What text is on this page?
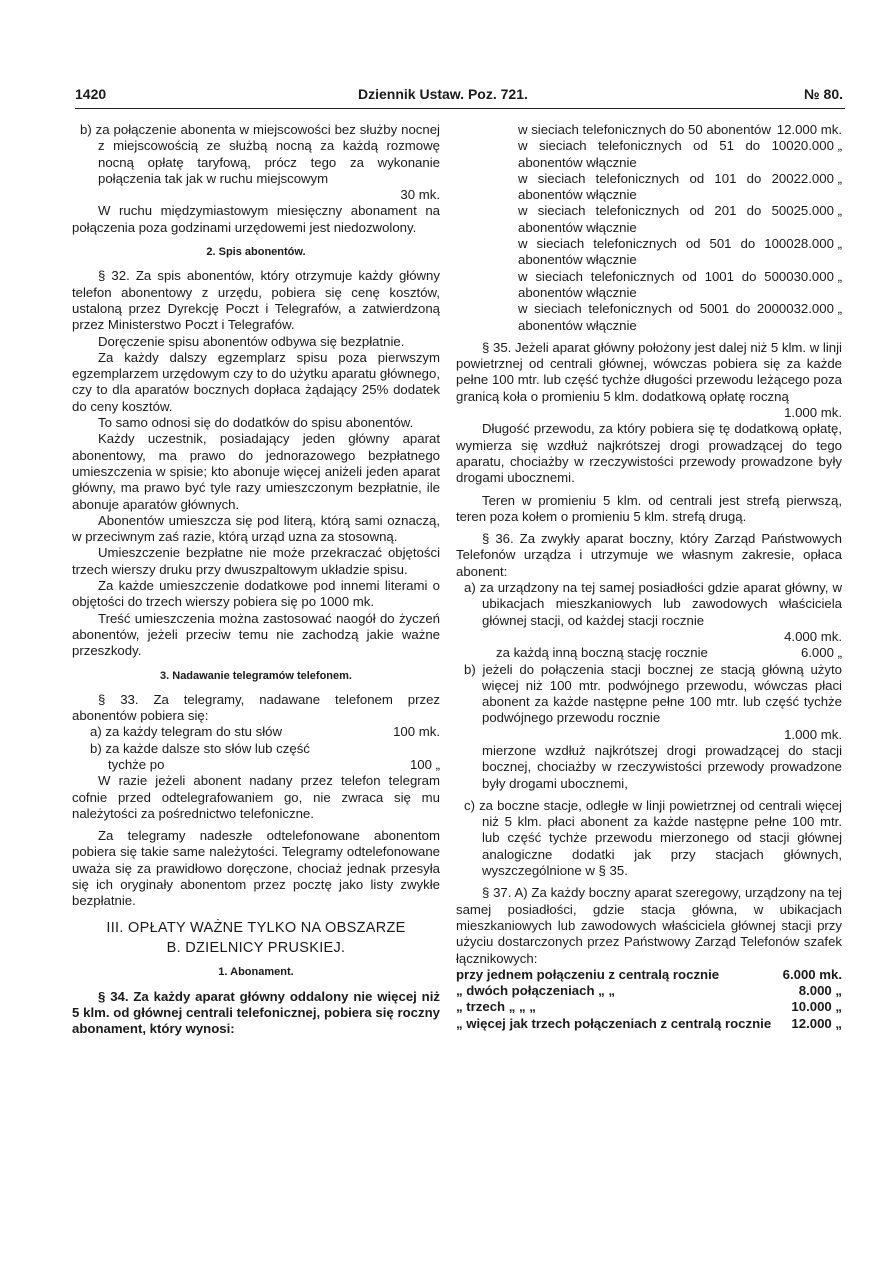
1420	Dziennik Ustaw. Poz. 721.	№ 80.
b) za połączenie abonenta w miejscowości bez służby nocnej z miejscowością ze służbą nocną za każdą rozmowę nocną opłatę taryfową, prócz tego za wykonanie połączenia tak jak w ruchu miejscowym
30 mk.

W ruchu międzymiastowym miesięczny abonament na połączenia poza godzinami urzędowemi jest niedozwolony.

2. Spis abonentów.

§ 32. Za spis abonentów, który otrzymuje każdy główny telefon abonentowy z urzędu, pobiera się cenę kosztów, ustaloną przez Dyrekcję Poczt i Telegrafów, a zatwierdzoną przez Ministerstwo Poczt i Telegrafów.

Doręczenie spisu abonentów odbywa się bezpłatnie.

Za każdy dalszy egzemplarz spisu poza pierwszym egzemplarzem urzędowym czy to do użytku aparatu głównego, czy to dla aparatów bocznych dopłaca żądający 25% dodatek do ceny kosztów.

To samo odnosi się do dodatków do spisu abonentów.

Każdy uczestnik, posiadający jeden główny aparat abonentowy, ma prawo do jednorazowego bezpłatnego umieszczenia w spisie; kto abonuje więcej aniżeli jeden aparat główny, ma prawo być tyle razy umieszczonym bezpłatnie, ile abonuje aparatów głównych.

Abonentów umieszcza się pod literą, którą sami oznaczą, w przeciwnym zaś razie, którą urząd uzna za stosowną.

Umieszczenie bezpłatne nie może przekraczać objętości trzech wierszy druku przy dwuszpaltowym układzie spisu.

Za każde umieszczenie dodatkowe pod innemi literami o objętości do trzech wierszy pobiera się po 1000 mk.

Treść umieszczenia można zastosować naogół do życzeń abonentów, jeżeli przeciw temu nie zachodzą jakie ważne przeszkody.

3. Nadawanie telegramów telefonem.

§ 33. Za telegramy, nadawane telefonem przez abonentów pobiera się:

a) za każdy telegram do stu słów	100 mk.
b) za każde dalsze sto słów lub część
tychże po	100 „

W razie jeżeli abonent nadany przez telefon telegram cofnie przed odtelegrafowaniem go, nie zwraca się mu należytości za pośrednictwo telefoniczne.

Za telegramy nadeszłe odtelefonowane abonentom pobiera się takie same należytości. Telegramy odtelefonowane uważa się za prawidłowo doręczone, chociaż jednak przesyła się ich oryginały abonentom przez pocztę jako listy zwykłe bezpłatnie.

III. OPŁATY WAŻNE TYLKO NA OBSZARZE
B. DZIELNICY PRUSKIEJ.
1. Abonament.

§ 34. Za każdy aparat główny oddalony nie więcej niż 5 klm. od głównej centrali telefonicznej, pobiera się roczny abonament, który wynosi:

w sieciach telefonicznych do 50 abonentów 12.000 mk.
w sieciach telefonicznych od 51 do 100 abonentów włącznie
20.000 „
w sieciach telefonicznych od 101 do 200 abonentów włącznie
22.000 „
w sieciach telefonicznych od 201 do 500 abonentów włącznie
25.000 „
w sieciach telefonicznych od 501 do 1000 abonentów włącznie
28.000 „
w sieciach telefonicznych od 1001 do 5000 abonentów włącznie
30.000 „
w sieciach telefonicznych od 5001 do 20000 abonentów włącznie
32.000 „

§ 35. Jeżeli aparat główny położony jest dalej niż 5 klm. w linji powietrznej od centrali głównej, wówczas pobiera się za każde pełne 100 mtr. lub część tychże długości przewodu leżącego poza granicą koła o promieniu 5 klm. dodatkową opłatę roczną

1.000 mk.

Długość przewodu, za który pobiera się tę dodatkową opłatę, wymierza się wzdłuż najkrótszej drogi prowadzącej do tego aparatu, chociażby w rzeczywistości przewody prowadzone były drogami ubocznemi.

Teren w promieniu 5 klm. od centrali jest strefą pierwszą, teren poza kołem o promieniu 5 klm. strefą drugą.

§ 36. Za zwykły aparat boczny, który Zarząd Państwowych Telefonów urządza i utrzymuje we własnym zakresie, opłaca abonent:

a) za urządzony na tej samej posiadłości gdzie aparat główny, w ubikacjach mieszkaniowych lub zawodowych właściciela głównej stacji, od każdej stacji rocznie
4.000 mk.
za każdą inną boczną stację rocznie	6.000 „
b) jeżeli do połączenia stacji bocznej ze stacją główną użyto więcej niż 100 mtr. podwójnego przewodu, wówczas płaci abonent za każde następne pełne 100 mtr. lub część tychże podwójnego przewodu rocznie
1.000 mk.
mierzone wzdłuż najkrótszej drogi prowadzącej do stacji bocznej, chociażby w rzeczywistości przewody prowadzone były drogami ubocznemi,
c) za boczne stacje, odległe w linji powietrznej od centrali więcej niż 5 klm. płaci abonent za każde następne pełne 100 mtr. lub część tychże przewodu mierzonego od stacji głównej analogiczne dodatki jak przy stacjach głównych, wyszczególnione w § 35.

§ 37. A) Za każdy boczny aparat szeregowy, urządzony na tej samej posiadłości, gdzie stacja główna, w ubikacjach mieszkaniowych lub zawodowych właściciela głównej stacji przy użyciu dostarczonych przez Państwowy Zarząd Telefonów szafek łącznikowych:

przy jednem połączeniu z centralą rocznie	6.000 mk.
„ dwóch połączeniach „ „	8.000 „
„ trzech „ „ „	10.000 „
„ więcej jak trzech połączeniach z centralą rocznie	12.000 „
